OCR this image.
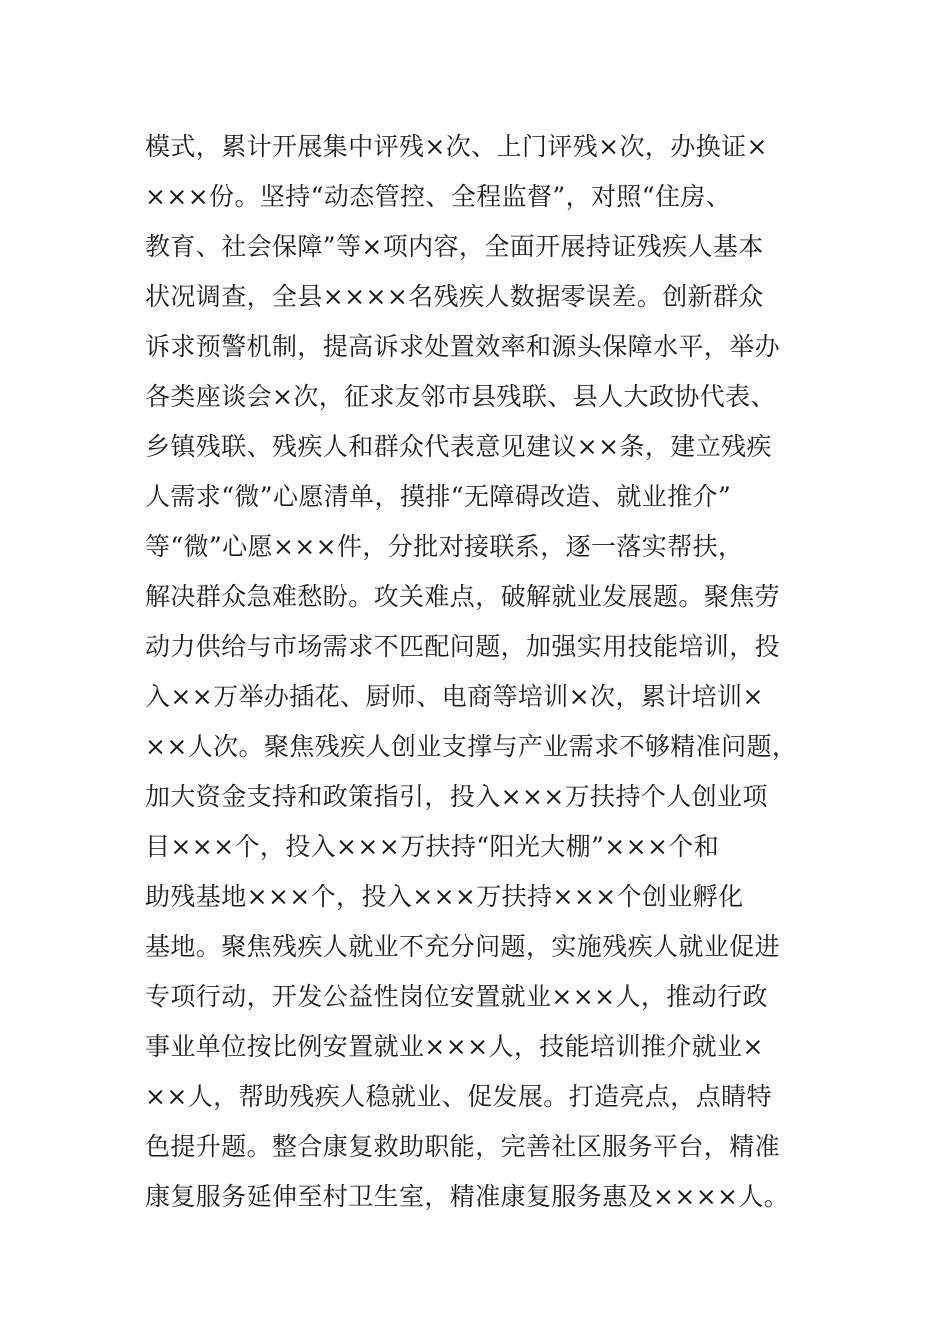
模式，累计开展集中评残×次、上门评残×次，办换证×
×××份。坚持“动态管控、全程监督”，对照“住房、
教育、社会保障”等×项内容，全面开展持证残疾人基本
状况调查，全县××××名残疾人数据零误差。创新群众
诉求预警机制，提高诉求处置效率和源头保障水平，举办
各类座谈会×次，征求友邻市县残联、县人大政协代表、
乡镇残联、残疾人和群众代表意见建议××条，建立残疾
人需求“微”心愿清单，摸排“无障碍改造、就业推介”
等“微”心愿×××件，分批对接联系，逐一落实帮扶，
解决群众急难愁盼。攻关难点，破解就业发展题。聚焦劳
动力供给与市场需求不匹配问题，加强实用技能培训，投
入××万举办插花、厨师、电商等培训×次，累计培训×
××人次。聚焦残疾人创业支撑与产业需求不够精准问题，
加大资金支持和政策指引，投入×××万扶持个人创业项
目×××个，投入×××万扶持“阳光大棚”×××个和
助残基地×××个，投入×××万扶持×××个创业孵化
基地。聚焦残疾人就业不充分问题，实施残疾人就业促进
专项行动，开发公益性岗位安置就业×××人，推动行政
事业单位按比例安置就业×××人，技能培训推介就业×
××人，帮助残疾人稳就业、促发展。打造亮点，点睛特
色提升题。整合康复救助职能，完善社区服务平台，精准
康复服务延伸至村卫生室，精准康复服务惠及××××人。
